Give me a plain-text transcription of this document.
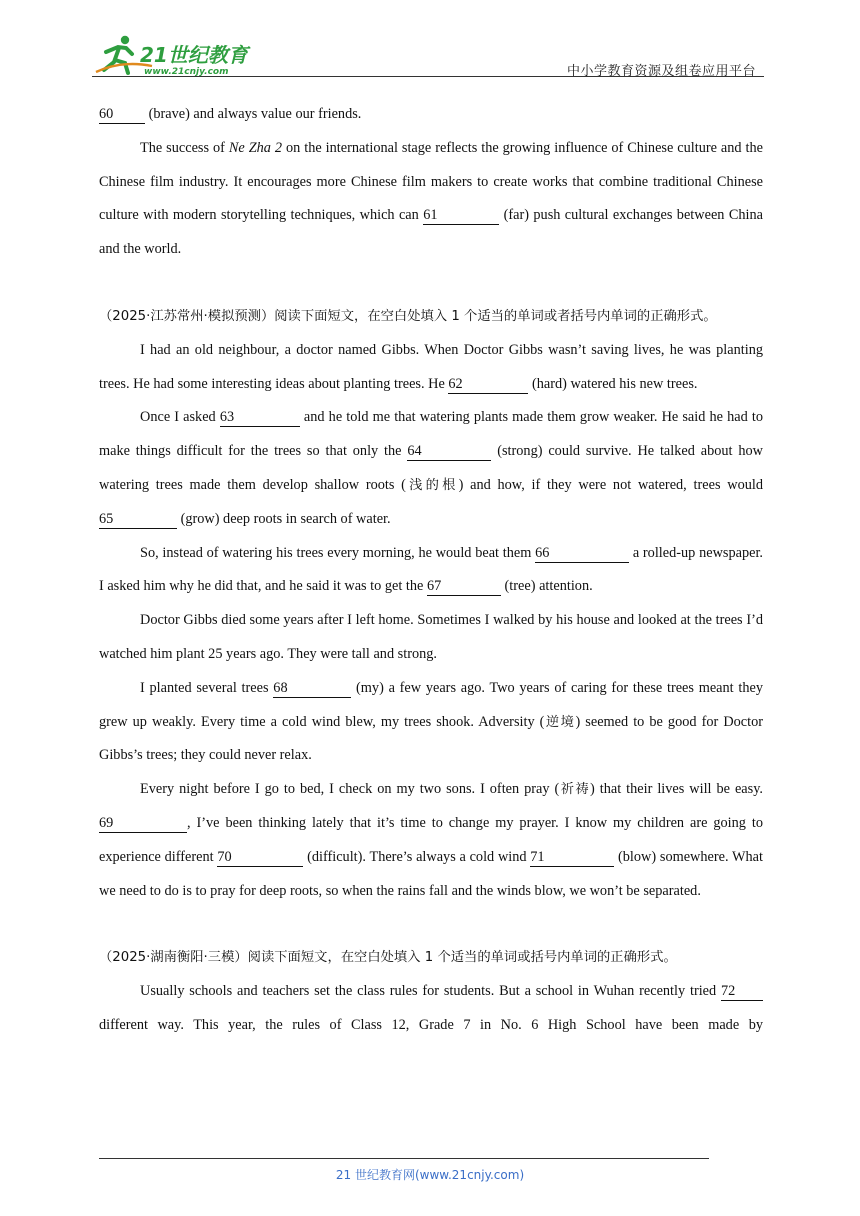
21世纪教育
www.21cnjy.com	中小学教育资源及组卷应用平台

60 (brave) and always value our friends.

The success of Ne Zha 2 on the international stage reflects the growing influence of Chinese culture and the Chinese film industry. It encourages more Chinese film makers to create works that combine traditional Chinese culture with modern storytelling techniques, which can 61	(far) push cultural exchanges between China and the world.

（2025·江苏常州·模拟预测）阅读下面短文，在空白处填入 1 个适当的单词或者括号内单词的正确形式。

I had an old neighbour, a doctor named Gibbs. When Doctor Gibbs wasn’t saving lives, he was planting trees. He had some interesting ideas about planting trees. He 62	(hard) watered his new trees.

Once I asked 63	and he told me that watering plants made them grow weaker. He said he had to make things difficult for the trees so that only the 64	(strong) could survive. He talked about how watering trees made them develop shallow roots (浅的根) and how, if they were not watered, trees would 65	(grow) deep roots in search of water.

So, instead of watering his trees every morning, he would beat them 66	a rolled-up newspaper. I asked him why he did that, and he said it was to get the 67	(tree) attention.

Doctor Gibbs died some years after I left home. Sometimes I walked by his house and looked at the trees I’d watched him plant 25 years ago. They were tall and strong.

I planted several trees 68	(my) a few years ago. Two years of caring for these trees meant they grew up weakly. Every time a cold wind blew, my trees shook. Adversity (逆境) seemed to be good for Doctor Gibbs’s trees; they could never relax.

Every night before I go to bed, I check on my two sons. I often pray (祈祷) that their lives will be easy. 69	, I’ve been thinking lately that it’s time to change my prayer. I know my children are going to experience different 70	(difficult). There’s always a cold wind 71	(blow) somewhere. What we need to do is to pray for deep roots, so when the rains fall and the winds blow, we won’t be separated.

（2025·湖南衡阳·三模）阅读下面短文，在空白处填入 1 个适当的单词或括号内单词的正确形式。

Usually schools and teachers set the class rules for students. But a school in Wuhan recently tried 72 different way. This year, the rules of Class 12, Grade 7 in No. 6 High School have been made by

21 世纪教育网(www.21cnjy.com)
